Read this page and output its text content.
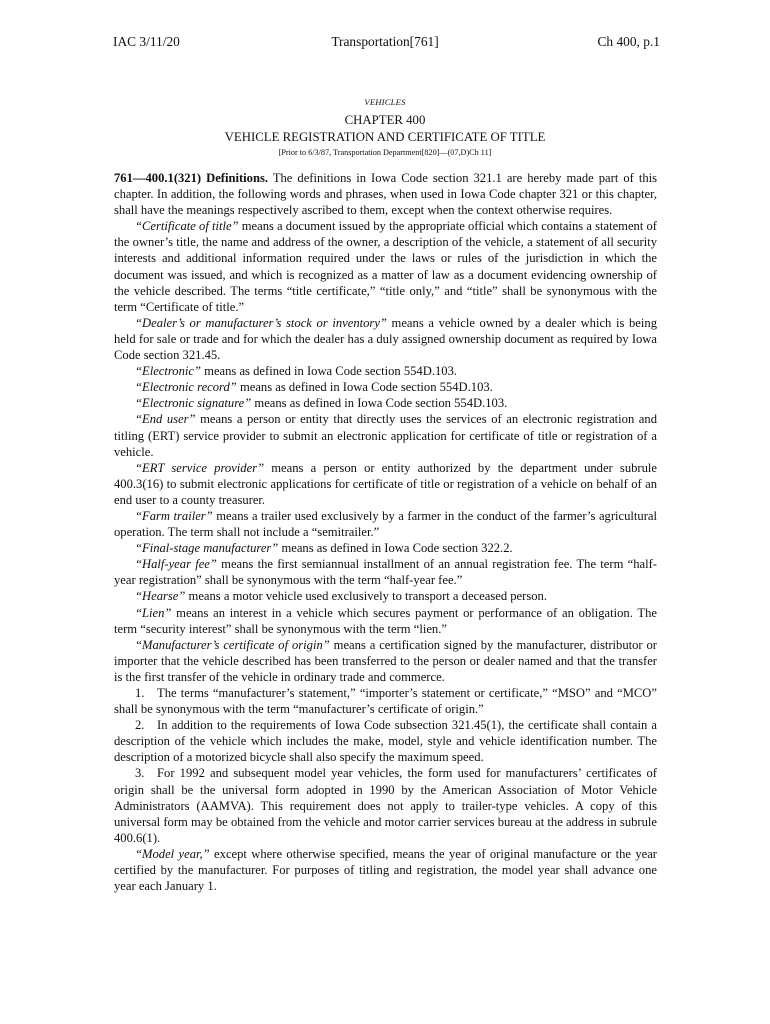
IAC 3/11/20	Transportation[761]	Ch 400, p.1
VEHICLES
CHAPTER 400
VEHICLE REGISTRATION AND CERTIFICATE OF TITLE
[Prior to 6/3/87, Transportation Department[820]—(07,D)Ch 11]

761—400.1(321) Definitions. The definitions in Iowa Code section 321.1 are hereby made part of this chapter. In addition, the following words and phrases, when used in Iowa Code chapter 321 or this chapter, shall have the meanings respectively ascribed to them, except when the context otherwise requires.

“Certificate of title” means a document issued by the appropriate official which contains a statement of the owner’s title, the name and address of the owner, a description of the vehicle, a statement of all security interests and additional information required under the laws or rules of the jurisdiction in which the document was issued, and which is recognized as a matter of law as a document evidencing ownership of the vehicle described. The terms “title certificate,” “title only,” and “title” shall be synonymous with the term “Certificate of title.”

“Dealer’s or manufacturer’s stock or inventory” means a vehicle owned by a dealer which is being held for sale or trade and for which the dealer has a duly assigned ownership document as required by Iowa Code section 321.45.

“Electronic” means as defined in Iowa Code section 554D.103.

“Electronic record” means as defined in Iowa Code section 554D.103.

“Electronic signature” means as defined in Iowa Code section 554D.103.

“End user” means a person or entity that directly uses the services of an electronic registration and titling (ERT) service provider to submit an electronic application for certificate of title or registration of a vehicle.

“ERT service provider” means a person or entity authorized by the department under subrule 400.3(16) to submit electronic applications for certificate of title or registration of a vehicle on behalf of an end user to a county treasurer.

“Farm trailer” means a trailer used exclusively by a farmer in the conduct of the farmer’s agricultural operation. The term shall not include a “semitrailer.”

“Final-stage manufacturer” means as defined in Iowa Code section 322.2.

“Half-year fee” means the first semiannual installment of an annual registration fee. The term “half-year registration” shall be synonymous with the term “half-year fee.”

“Hearse” means a motor vehicle used exclusively to transport a deceased person.

“Lien” means an interest in a vehicle which secures payment or performance of an obligation. The term “security interest” shall be synonymous with the term “lien.”

“Manufacturer’s certificate of origin” means a certification signed by the manufacturer, distributor or importer that the vehicle described has been transferred to the person or dealer named and that the transfer is the first transfer of the vehicle in ordinary trade and commerce.

1. The terms “manufacturer’s statement,” “importer’s statement or certificate,” “MSO” and “MCO” shall be synonymous with the term “manufacturer’s certificate of origin.”

2. In addition to the requirements of Iowa Code subsection 321.45(1), the certificate shall contain a description of the vehicle which includes the make, model, style and vehicle identification number. The description of a motorized bicycle shall also specify the maximum speed.

3. For 1992 and subsequent model year vehicles, the form used for manufacturers’ certificates of origin shall be the universal form adopted in 1990 by the American Association of Motor Vehicle Administrators (AAMVA). This requirement does not apply to trailer-type vehicles. A copy of this universal form may be obtained from the vehicle and motor carrier services bureau at the address in subrule 400.6(1).

“Model year,” except where otherwise specified, means the year of original manufacture or the year certified by the manufacturer. For purposes of titling and registration, the model year shall advance one year each January 1.
